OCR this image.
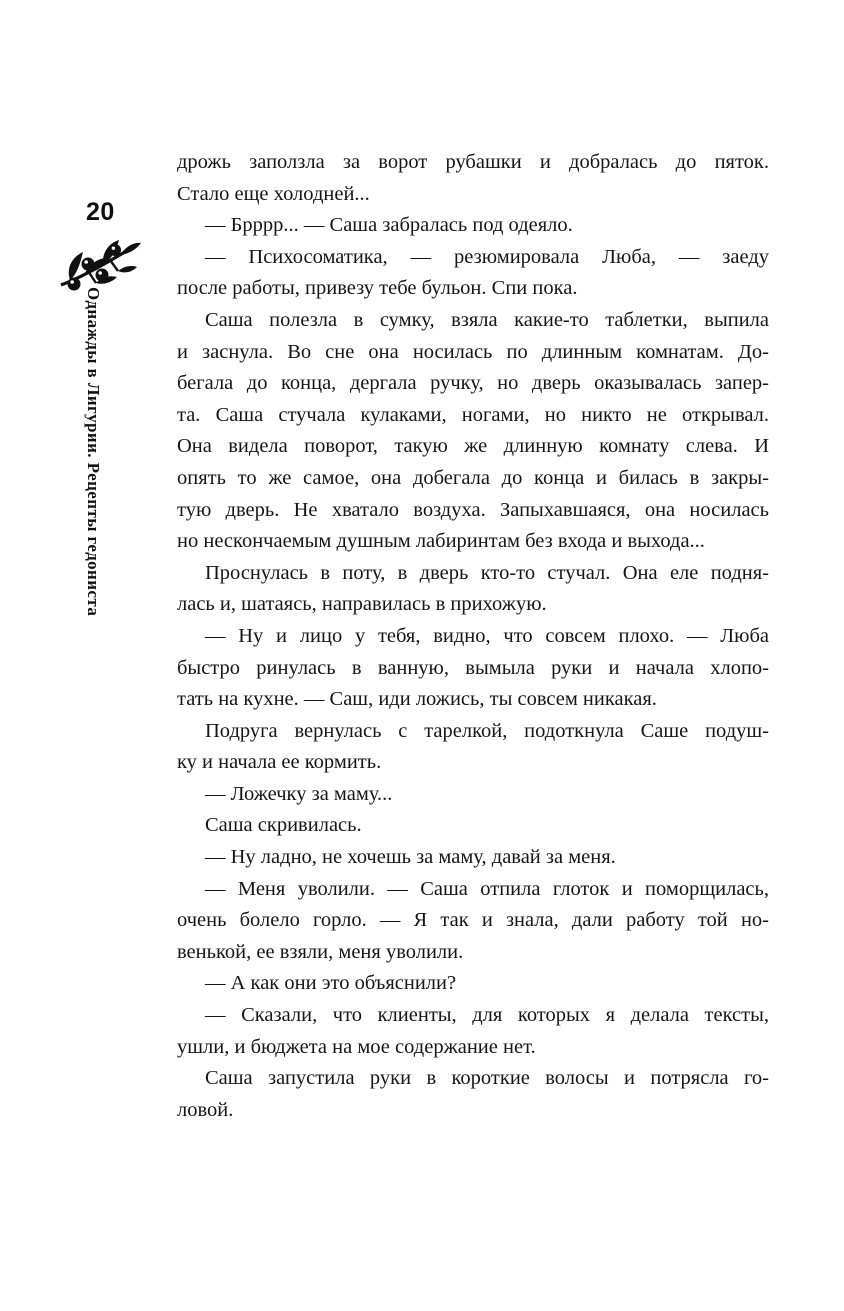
20
Однажды в Лигурии. Рецепты гедониста

дрожь заползла за ворот рубашки и добралась до пяток.
Стало еще холодней...

— Брррр... — Саша забралась под одеяло.

— Психосоматика, — резюмировала Люба, — заеду
после работы, привезу тебе бульон. Спи пока.

Саша полезла в сумку, взяла какие-то таблетки, выпила
и заснула. Во сне она носилась по длинным комнатам. До-
бегала до конца, дергала ручку, но дверь оказывалась запер-
та. Саша стучала кулаками, ногами, но никто не открывал.
Она видела поворот, такую же длинную комнату слева. И
опять то же самое, она добегала до конца и билась в закры-
тую дверь. Не хватало воздуха. Запыхавшаяся, она носилась
но нескончаемым душным лабиринтам без входа и выхода...

Проснулась в поту, в дверь кто-то стучал. Она еле подня-
лась и, шатаясь, направилась в прихожую.

— Ну и лицо у тебя, видно, что совсем плохо. — Люба
быстро ринулась в ванную, вымыла руки и начала хлопо-
тать на кухне. — Саш, иди ложись, ты совсем никакая.

Подруга вернулась с тарелкой, подоткнула Саше подуш-
ку и начала ее кормить.

— Ложечку за маму...

Саша скривилась.

— Ну ладно, не хочешь за маму, давай за меня.

— Меня уволили. — Саша отпила глоток и поморщилась,
очень болело горло. — Я так и знала, дали работу той но-
венькой, ее взяли, меня уволили.

— А как они это объяснили?

— Сказали, что клиенты, для которых я делала тексты,
ушли, и бюджета на мое содержание нет.

Саша запустила руки в короткие волосы и потрясла го-
ловой.
